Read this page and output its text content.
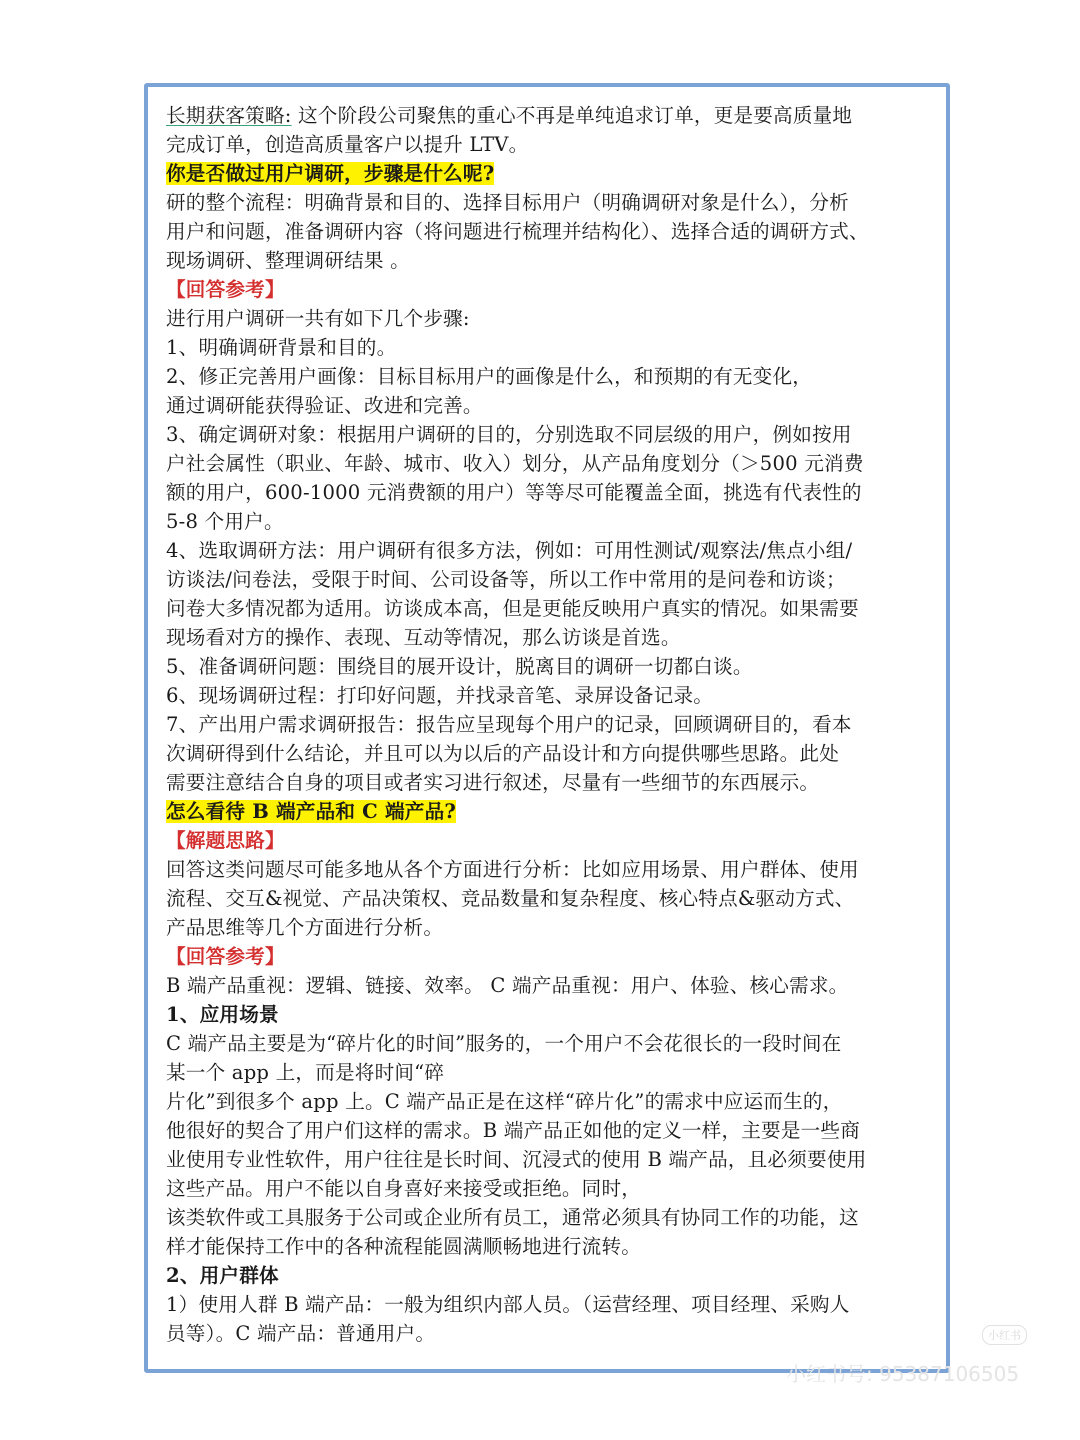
长期获客策略: 这个阶段公司聚焦的重心不再是单纯追求订单，更是要高质量地

完成订单，创造高质量客户以提升 LTV。

你是否做过用户调研，步骤是什么呢?

研的整个流程：明确背景和目的、选择目标用户（明确调研对象是什么），分析

用户和问题，准备调研内容（将问题进行梳理并结构化）、选择合适的调研方式、

现场调研、整理调研结果 。

【回答参考】

进行用户调研一共有如下几个步骤:

1、明确调研背景和目的。

2、修正完善用户画像：目标目标用户的画像是什么，和预期的有无变化，

通过调研能获得验证、改进和完善。

3、确定调研对象：根据用户调研的目的，分别选取不同层级的用户，例如按用

户社会属性（职业、年龄、城市、收入）划分，从产品角度划分（＞500 元消费

额的用户，600-1000 元消费额的用户）等等尽可能覆盖全面，挑选有代表性的

5-8 个用户。

4、选取调研方法：用户调研有很多方法，例如：可用性测试/观察法/焦点小组/

访谈法/问卷法，受限于时间、公司设备等，所以工作中常用的是问卷和访谈；

问卷大多情况都为适用。访谈成本高，但是更能反映用户真实的情况。如果需要

现场看对方的操作、表现、互动等情况，那么访谈是首选。

5、准备调研问题：围绕目的展开设计，脱离目的调研一切都白谈。

6、现场调研过程：打印好问题，并找录音笔、录屏设备记录。

7、产出用户需求调研报告：报告应呈现每个用户的记录，回顾调研目的，看本

次调研得到什么结论，并且可以为以后的产品设计和方向提供哪些思路。此处

需要注意结合自身的项目或者实习进行叙述，尽量有一些细节的东西展示。

怎么看待 B 端产品和 C 端产品?

【解题思路】

回答这类问题尽可能多地从各个方面进行分析：比如应用场景、用户群体、使用

流程、交互&视觉、产品决策权、竞品数量和复杂程度、核心特点&驱动方式、

产品思维等几个方面进行分析。

【回答参考】

B 端产品重视：逻辑、链接、效率。 C 端产品重视：用户、体验、核心需求。

1、应用场景

C 端产品主要是为“碎片化的时间”服务的，一个用户不会花很长的一段时间在

某一个 app 上，而是将时间“碎

片化”到很多个 app 上。C 端产品正是在这样“碎片化”的需求中应运而生的，

他很好的契合了用户们这样的需求。B 端产品正如他的定义一样，主要是一些商

业使用专业性软件，用户往往是长时间、沉浸式的使用 B 端产品，且必须要使用

这些产品。用户不能以自身喜好来接受或拒绝。同时，

该类软件或工具服务于公司或企业所有员工，通常必须具有协同工作的功能，这

样才能保持工作中的各种流程能圆满顺畅地进行流转。

2、用户群体

1）使用人群 B 端产品：一般为组织内部人员。（运营经理、项目经理、采购人

员等）。C 端产品：普通用户。	小红书
小红书号: 95387106505
